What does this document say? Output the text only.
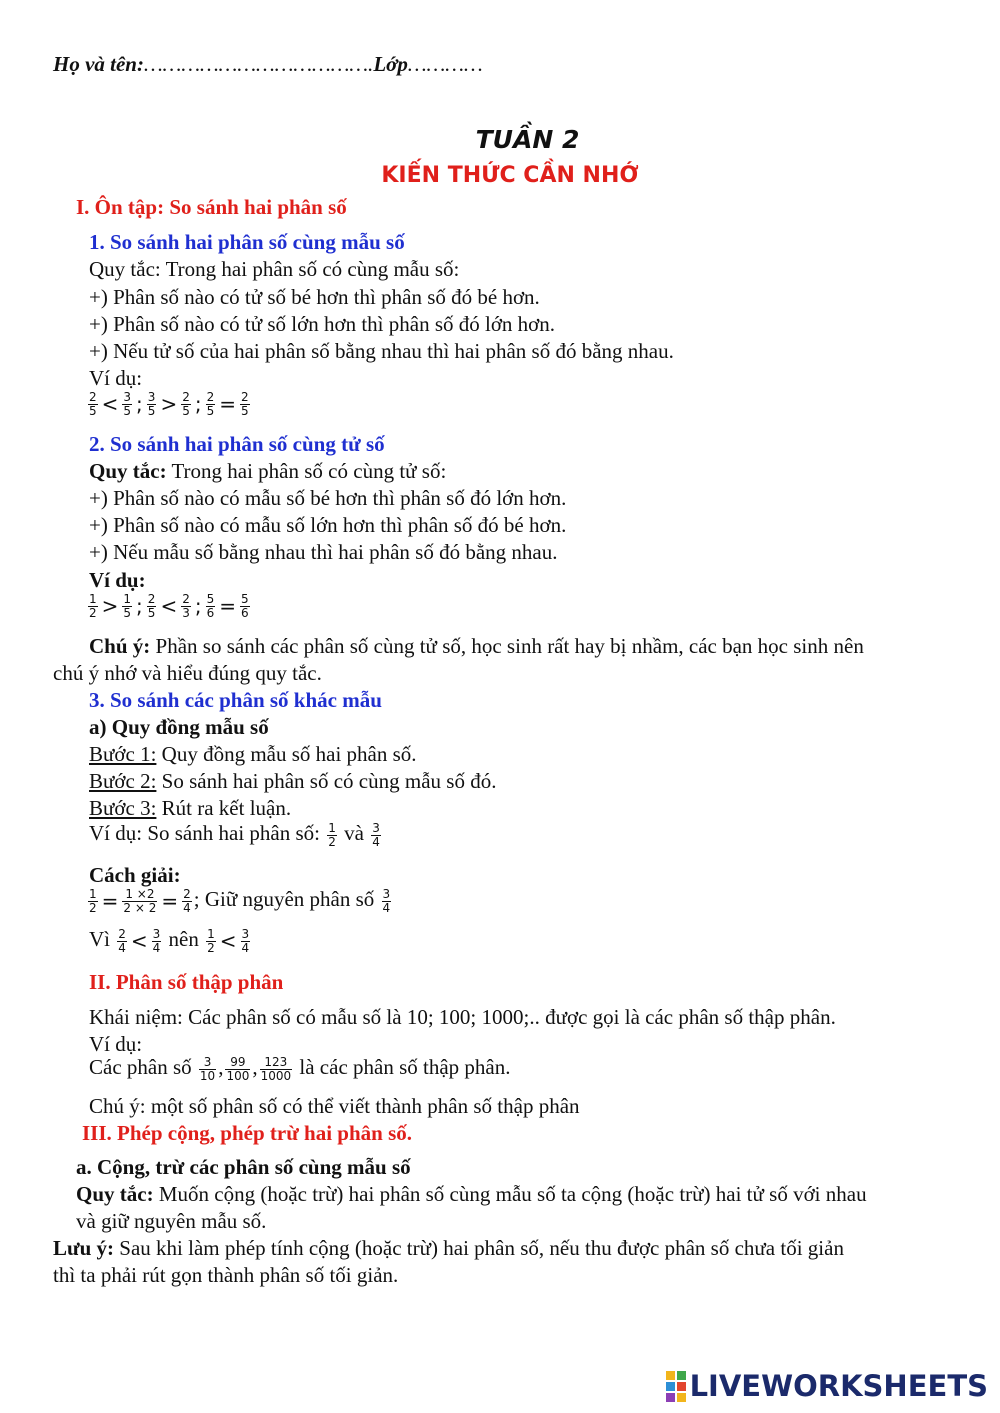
Họ và tên:……………………………….Lớp…………
TUẦN 2
KIẾN THỨC CẦN NHỚ
I. Ôn tập: So sánh hai phân số
1. So sánh hai phân số cùng mẫu số
Quy tắc: Trong hai phân số có cùng mẫu số:
+) Phân số nào có tử số bé hơn thì phân số đó bé hơn.
+) Phân số nào có tử số lớn hơn thì phân số đó lớn hơn.
+) Nếu tử số của hai phân số bằng nhau thì hai phân số đó bằng nhau.
Ví dụ:
$\frac{2}{5} < \frac{3}{5}$ ; $\frac{3}{5} > \frac{2}{5}$ ; $\frac{2}{5} = \frac{2}{5}$
2. So sánh hai phân số cùng tử số
Quy tắc: Trong hai phân số có cùng tử số:
+) Phân số nào có mẫu số bé hơn thì phân số đó lớn hơn.
+) Phân số nào có mẫu số lớn hơn thì phân số đó bé hơn.
+) Nếu mẫu số bằng nhau thì hai phân số đó bằng nhau.
Ví dụ:
$\frac{1}{2} > \frac{1}{5}$ ; $\frac{2}{5} < \frac{2}{3}$ ; $\frac{5}{6} = \frac{5}{6}$
Chú ý: Phần so sánh các phân số cùng tử số, học sinh rất hay bị nhầm, các bạn học sinh nên
chú ý nhớ và hiểu đúng quy tắc.
3. So sánh các phân số khác mẫu
a) Quy đồng mẫu số
Bước 1: Quy đồng mẫu số hai phân số.
Bước 2: So sánh hai phân số có cùng mẫu số đó.
Bước 3: Rút ra kết luận.
Ví dụ: So sánh hai phân số: $\frac{1}{2}$ và $\frac{3}{4}$
Cách giải:
$\frac{1}{2} = \frac{1 \times 2}{2 \times 2} = \frac{2}{4}$ ; Giữ nguyên phân số $\frac{3}{4}$
Vì $\frac{2}{4} < \frac{3}{4}$ nên $\frac{1}{2} < \frac{3}{4}$
II. Phân số thập phân
Khái niệm: Các phân số có mẫu số là 10; 100; 1000;.. được gọi là các phân số thập phân.
Ví dụ:
Các phân số $\frac{3}{10}$ , $\frac{99}{100}$ , $\frac{123}{1000}$ là các phân số thập phân.
Chú ý: một số phân số có thể viết thành phân số thập phân
III. Phép cộng, phép trừ hai phân số.
a. Cộng, trừ các phân số cùng mẫu số
Quy tắc: Muốn cộng (hoặc trừ) hai phân số cùng mẫu số ta cộng (hoặc trừ) hai tử số với nhau
và giữ nguyên mẫu số.
Lưu ý: Sau khi làm phép tính cộng (hoặc trừ) hai phân số, nếu thu được phân số chưa tối giản
thì ta phải rút gọn thành phân số tối giản.
LIVEWORKSHEETS
